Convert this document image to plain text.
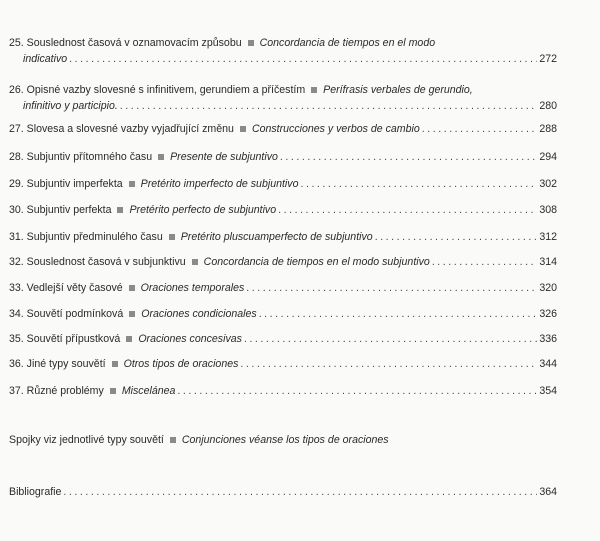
25. Souslednost časová v oznamovacím způsobu Concordancia de tiempos en el modo
indicativo . . .	272
26. Opisné vazby slovesné s infinitivem, gerundiem a příčestím Perífrasis verbales de gerundio,
infinitivo y participio. . . .	280
27. Slovesa a slovesné vazby vyjadřující změnu Construcciones y verbos de cambio . . .	288
28. Subjuntiv přítomného času Presente de subjuntivo . . .	294
29. Subjuntiv imperfekta Pretérito imperfecto de subjuntivo . . .	302
30. Subjuntiv perfekta Pretérito perfecto de subjuntivo . . .	308
31. Subjuntiv předminulého času Pretérito pluscuamperfecto de subjuntivo . . .	312
32. Souslednost časová v subjunktivu Concordancia de tiempos en el modo subjuntivo . . .	314
33. Vedlejší věty časové Oraciones temporales . . .	320
34. Souvětí podmínková Oraciones condicionales . . .	326
35. Souvětí přípustková Oraciones concesivas . . .	336
36. Jiné typy souvětí Otros tipos de oraciones . . .	344
37. Různé problémy Miscelánea . . .	354
Spojky viz jednotlivé typy souvětí Conjunciones véanse los tipos de oraciones
Bibliografie . . .	364
